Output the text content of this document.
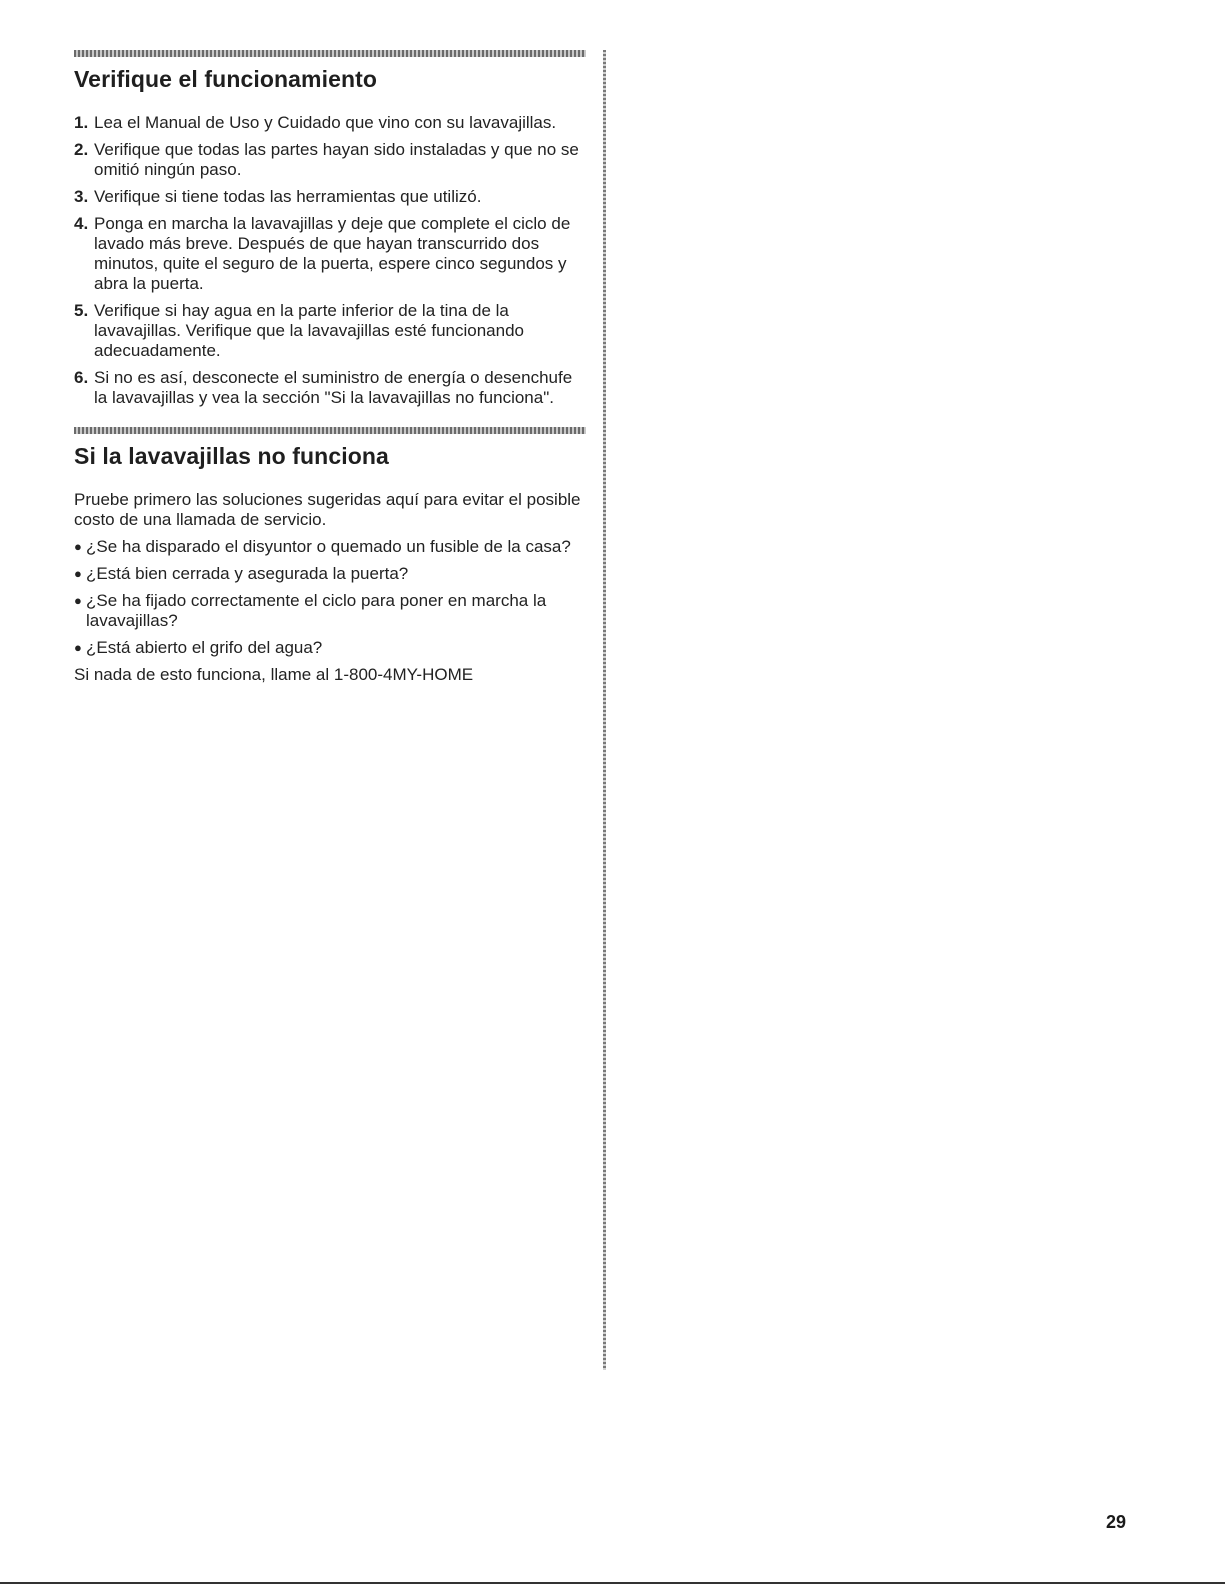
Verifique el funcionamiento
1. Lea el Manual de Uso y Cuidado que vino con su lavavajillas.
2. Verifique que todas las partes hayan sido instaladas y que no se omitió ningún paso.
3. Verifique si tiene todas las herramientas que utilizó.
4. Ponga en marcha la lavavajillas y deje que complete el ciclo de lavado más breve. Después de que hayan transcurrido dos minutos, quite el seguro de la puerta, espere cinco segundos y abra la puerta.
5. Verifique si hay agua en la parte inferior de la tina de la lavavajillas. Verifique que la lavavajillas esté funcionando adecuadamente.
6. Si no es así, desconecte el suministro de energía o desenchufe la lavavajillas y vea la sección "Si la lavavajillas no funciona".
Si la lavavajillas no funciona

Pruebe primero las soluciones sugeridas aquí para evitar el posible costo de una llamada de servicio.

● ¿Se ha disparado el disyuntor o quemado un fusible de la casa?
● ¿Está bien cerrada y asegurada la puerta?
● ¿Se ha fijado correctamente el ciclo para poner en marcha la lavavajillas?
● ¿Está abierto el grifo del agua?

Si nada de esto funciona, llame al 1-800-4MY-HOME

29
